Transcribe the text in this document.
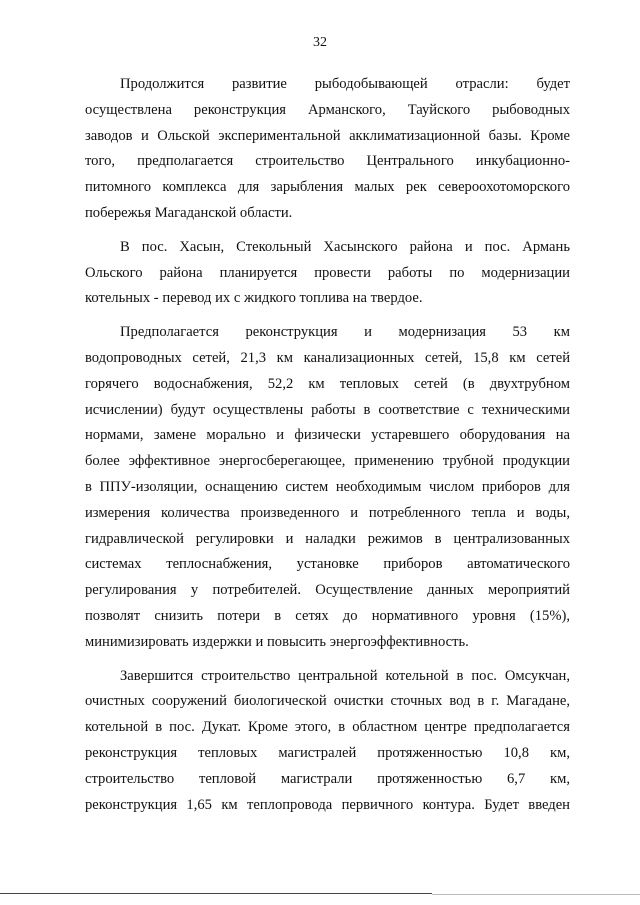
32
Продолжится развитие рыбодобывающей отрасли: будет
осуществлена реконструкция Арманского, Тауйского рыбоводных
заводов и Ольской экспериментальной акклиматизационной базы. Кроме
того, предполагается строительство Центрального инкубационно-
питомного комплекса для зарыбления малых рек североохотоморского
побережья Магаданской области.
В пос. Хасын, Стекольный Хасынского района и пос. Армань
Ольского района планируется провести работы по модернизации
котельных - перевод их с жидкого топлива на твердое.
Предполагается реконструкция и модернизация 53 км
водопроводных сетей, 21,3 км канализационных сетей, 15,8 км сетей
горячего водоснабжения, 52,2 км тепловых сетей (в двухтрубном
исчислении) будут осуществлены работы в соответствие с техническими
нормами, замене морально и физически устаревшего оборудования на
более эффективное энергосберегающее, применению трубной продукции
в ППУ-изоляции, оснащению систем необходимым числом приборов для
измерения количества произведенного и потребленного тепла и воды,
гидравлической регулировки и наладки режимов в централизованных
системах теплоснабжения, установке приборов автоматического
регулирования у потребителей. Осуществление данных мероприятий
позволят снизить потери в сетях до нормативного уровня (15%),
минимизировать издержки и повысить энергоэффективность.
Завершится строительство центральной котельной в пос. Омсукчан,
очистных сооружений биологической очистки сточных вод в г. Магадане,
котельной в пос. Дукат. Кроме этого, в областном центре предполагается
реконструкция тепловых магистралей протяженностью 10,8 км,
строительство тепловой магистрали протяженностью 6,7 км,
реконструкция 1,65 км теплопровода первичного контура. Будет введен
